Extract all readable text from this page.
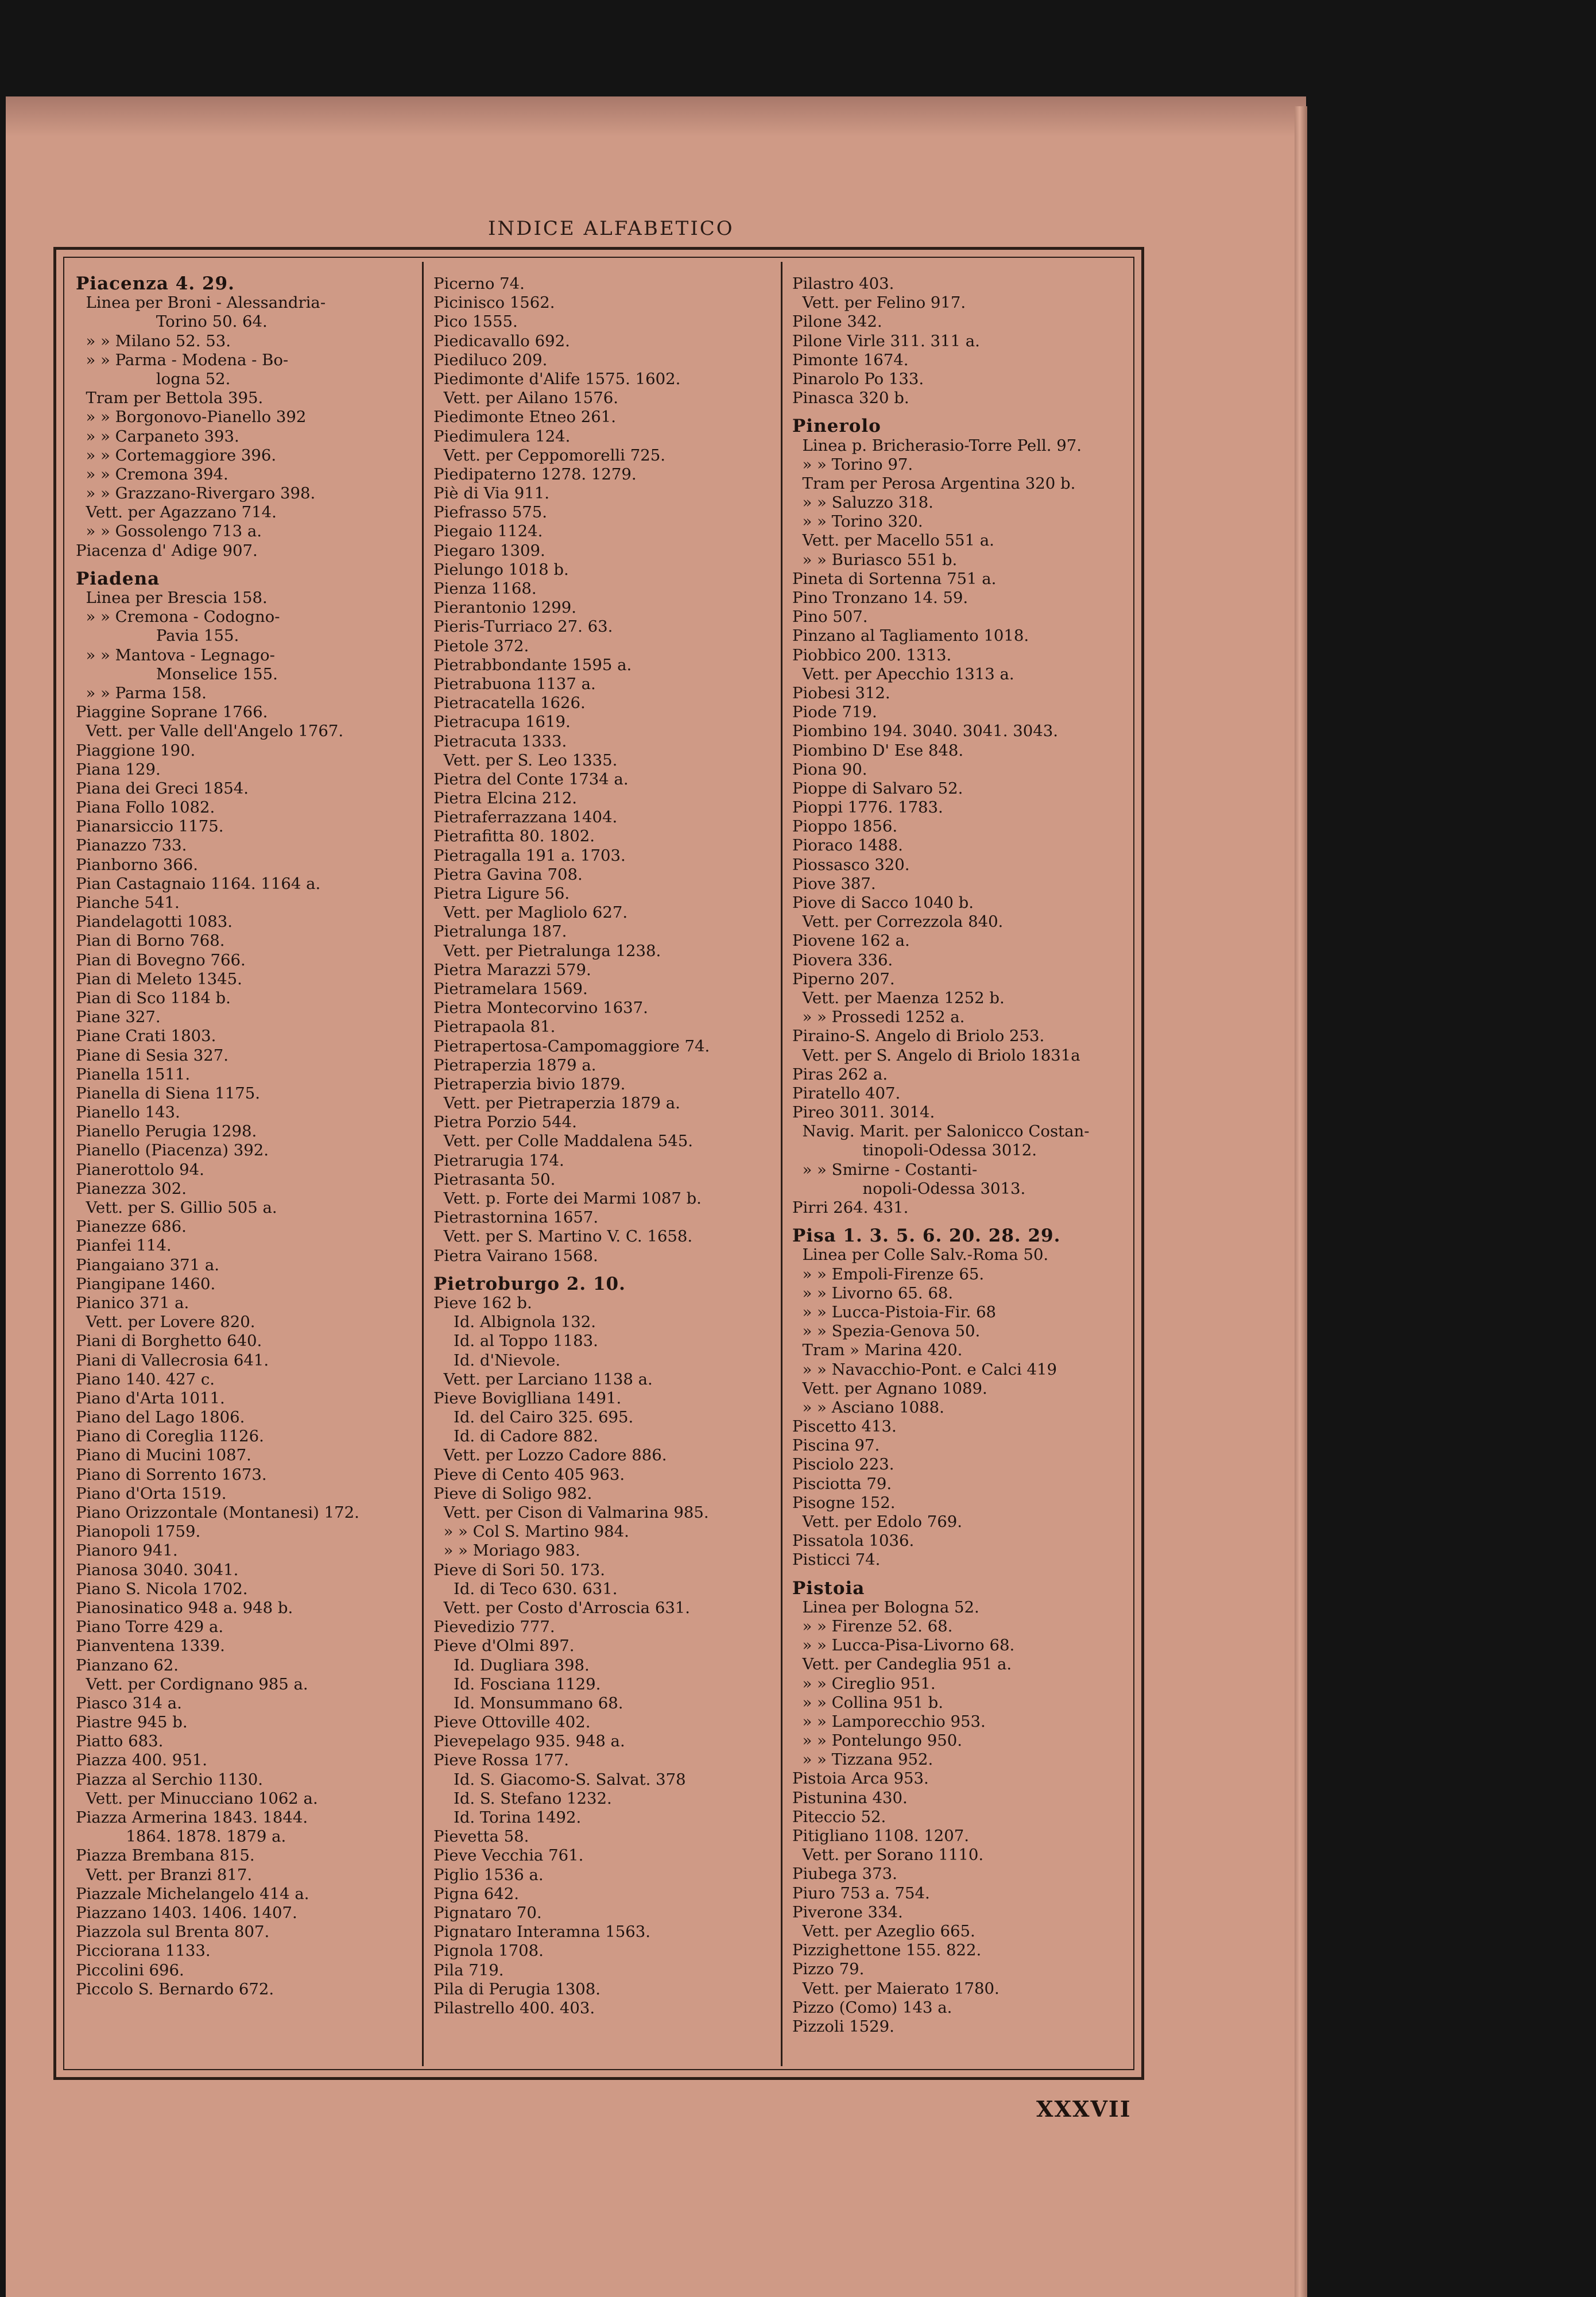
INDICE ALFABETICO
Piacenza 4. 29.
Linea per Broni - Alessandria-
Torino 50. 64.
» » Milano 52. 53.
» » Parma - Modena - Bo-
logna 52.
Tram per Bettola 395.
» » Borgonovo-Pianello 392
» » Carpaneto 393.
» » Cortemaggiore 396.
» » Cremona 394.
» » Grazzano-Rivergaro 398.
Vett. per Agazzano 714.
» » Gossolengo 713 a.
Piacenza d' Adige 907.
Piadena
Linea per Brescia 158.
» » Cremona - Codogno-
Pavia 155.
» » Mantova - Legnago-
Monselice 155.
» » Parma 158.
Piaggine Soprane 1766.
Vett. per Valle dell'Angelo 1767.
Piaggione 190.
Piana 129.
Piana dei Greci 1854.
Piana Follo 1082.
Pianarsiccio 1175.
Pianazzo 733.
Pianborno 366.
Pian Castagnaio 1164. 1164 a.
Pianche 541.
Piandelagotti 1083.
Pian di Borno 768.
Pian di Bovegno 766.
Pian di Meleto 1345.
Pian di Sco 1184 b.
Piane 327.
Piane Crati 1803.
Piane di Sesia 327.
Pianella 1511.
Pianella di Siena 1175.
Pianello 143.
Pianello Perugia 1298.
Pianello (Piacenza) 392.
Pianerottolo 94.
Pianezza 302.
Vett. per S. Gillio 505 a.
Pianezze 686.
Pianfei 114.
Piangaiano 371 a.
Piangipane 1460.
Pianico 371 a.
Vett. per Lovere 820.
Piani di Borghetto 640.
Piani di Vallecrosia 641.
Piano 140. 427 c.
Piano d'Arta 1011.
Piano del Lago 1806.
Piano di Coreglia 1126.
Piano di Mucini 1087.
Piano di Sorrento 1673.
Piano d'Orta 1519.
Piano Orizzontale (Montanesi) 172.
Pianopoli 1759.
Pianoro 941.
Pianosa 3040. 3041.
Piano S. Nicola 1702.
Pianosinatico 948 a. 948 b.
Piano Torre 429 a.
Pianventena 1339.
Pianzano 62.
Vett. per Cordignano 985 a.
Piasco 314 a.
Piastre 945 b.
Piatto 683.
Piazza 400. 951.
Piazza al Serchio 1130.
Vett. per Minucciano 1062 a.
Piazza Armerina 1843. 1844.
1864. 1878. 1879 a.
Piazza Brembana 815.
Vett. per Branzi 817.
Piazzale Michelangelo 414 a.
Piazzano 1403. 1406. 1407.
Piazzola sul Brenta 807.
Picciorana 1133.
Piccolini 696.
Piccolo S. Bernardo 672.
Picerno 74.
Picinisco 1562.
Pico 1555.
Piedicavallo 692.
Piediluco 209.
Piedimonte d'Alife 1575. 1602.
Vett. per Ailano 1576.
Piedimonte Etneo 261.
Piedimulera 124.
Vett. per Ceppomorelli 725.
Piedipaterno 1278. 1279.
Piè di Via 911.
Piefrasso 575.
Piegaio 1124.
Piegaro 1309.
Pielungo 1018 b.
Pienza 1168.
Pierantonio 1299.
Pieris-Turriaco 27. 63.
Pietole 372.
Pietrabbondante 1595 a.
Pietrabuona 1137 a.
Pietracatella 1626.
Pietracupa 1619.
Pietracuta 1333.
Vett. per S. Leo 1335.
Pietra del Conte 1734 a.
Pietra Elcina 212.
Pietraferrazzana 1404.
Pietrafitta 80. 1802.
Pietragalla 191 a. 1703.
Pietra Gavina 708.
Pietra Ligure 56.
Vett. per Magliolo 627.
Pietralunga 187.
Vett. per Pietralunga 1238.
Pietra Marazzi 579.
Pietramelara 1569.
Pietra Montecorvino 1637.
Pietrapaola 81.
Pietrapertosa-Campomaggiore 74.
Pietraperzia 1879 a.
Pietraperzia bivio 1879.
Vett. per Pietraperzia 1879 a.
Pietra Porzio 544.
Vett. per Colle Maddalena 545.
Pietrarugia 174.
Pietrasanta 50.
Vett. p. Forte dei Marmi 1087 b.
Pietrastornina 1657.
Vett. per S. Martino V. C. 1658.
Pietra Vairano 1568.
Pietroburgo 2. 10.
Pieve 162 b.
Id. Albignola 132.
Id. al Toppo 1183.
Id. d'Nievole.
Vett. per Larciano 1138 a.
Pieve Boviglliana 1491.
Id. del Cairo 325. 695.
Id. di Cadore 882.
Vett. per Lozzo Cadore 886.
Pieve di Cento 405 963.
Pieve di Soligo 982.
Vett. per Cison di Valmarina 985.
» » Col S. Martino 984.
» » Moriago 983.
Pieve di Sori 50. 173.
Id. di Teco 630. 631.
Vett. per Costo d'Arroscia 631.
Pievedizio 777.
Pieve d'Olmi 897.
Id. Dugliara 398.
Id. Fosciana 1129.
Id. Monsummano 68.
Pieve Ottoville 402.
Pievepelago 935. 948 a.
Pieve Rossa 177.
Id. S. Giacomo-S. Salvat. 378
Id. S. Stefano 1232.
Id. Torina 1492.
Pievetta 58.
Pieve Vecchia 761.
Piglio 1536 a.
Pigna 642.
Pignataro 70.
Pignataro Interamna 1563.
Pignola 1708.
Pila 719.
Pila di Perugia 1308.
Pilastrello 400. 403.
Pilastro 403.
Vett. per Felino 917.
Pilone 342.
Pilone Virle 311. 311 a.
Pimonte 1674.
Pinarolo Po 133.
Pinasca 320 b.
Pinerolo
Linea p. Bricherasio-Torre Pell. 97.
» » Torino 97.
Tram per Perosa Argentina 320 b.
» » Saluzzo 318.
» » Torino 320.
Vett. per Macello 551 a.
» » Buriasco 551 b.
Pineta di Sortenna 751 a.
Pino Tronzano 14. 59.
Pino 507.
Pinzano al Tagliamento 1018.
Piobbico 200. 1313.
Vett. per Apecchio 1313 a.
Piobesi 312.
Piode 719.
Piombino 194. 3040. 3041. 3043.
Piombino D' Ese 848.
Piona 90.
Pioppe di Salvaro 52.
Pioppi 1776. 1783.
Pioppo 1856.
Pioraco 1488.
Piossasco 320.
Piove 387.
Piove di Sacco 1040 b.
Vett. per Correzzola 840.
Piovene 162 a.
Piovera 336.
Piperno 207.
Vett. per Maenza 1252 b.
» » Prossedi 1252 a.
Piraino-S. Angelo di Briolo 253.
Vett. per S. Angelo di Briolo 1831a
Piras 262 a.
Piratello 407.
Pireo 3011. 3014.
Navig. Marit. per Salonicco Costan-
tinopoli-Odessa 3012.
» » Smirne - Costanti-
nopoli-Odessa 3013.
Pirri 264. 431.
Pisa 1. 3. 5. 6. 20. 28. 29.
Linea per Colle Salv.-Roma 50.
» » Empoli-Firenze 65.
» » Livorno 65. 68.
» » Lucca-Pistoia-Fir. 68
» » Spezia-Genova 50.
Tram » Marina 420.
» » Navacchio-Pont. e Calci 419
Vett. per Agnano 1089.
» » Asciano 1088.
Piscetto 413.
Piscina 97.
Pisciolo 223.
Pisciotta 79.
Pisogne 152.
Vett. per Edolo 769.
Pissatola 1036.
Pisticci 74.
Pistoia
Linea per Bologna 52.
» » Firenze 52. 68.
» » Lucca-Pisa-Livorno 68.
Vett. per Candeglia 951 a.
» » Cireglio 951.
» » Collina 951 b.
» » Lamporecchio 953.
» » Pontelungo 950.
» » Tizzana 952.
Pistoia Arca 953.
Pistunina 430.
Piteccio 52.
Pitigliano 1108. 1207.
Vett. per Sorano 1110.
Piubega 373.
Piuro 753 a. 754.
Piverone 334.
Vett. per Azeglio 665.
Pizzighettone 155. 822.
Pizzo 79.
Vett. per Maierato 1780.
Pizzo (Como) 143 a.
Pizzoli 1529.
XXXVII
